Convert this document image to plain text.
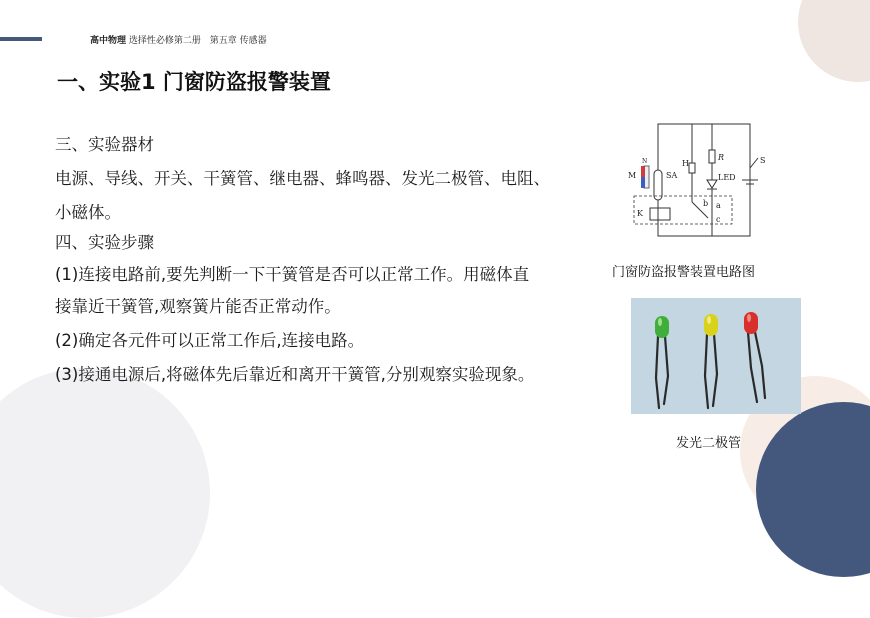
高中物理 选择性必修第二册 第五章 传感器
一、实验1 门窗防盗报警装置
三、实验器材
电源、导线、开关、干簧管、继电器、蜂鸣器、发光二极管、电阻、
小磁体。
四、实验步骤
(1)连接电路前,要先判断一下干簧管是否可以正常工作。用磁体直
接靠近干簧管,观察簧片能否正常动作。
(2)确定各元件可以正常工作后,连接电路。
(3)接通电源后,将磁体先后靠近和离开干簧管,分别观察实验现象。
M
N
SA
H
R
LED
S
K
a
b
c
门窗防盗报警装置电路图
发光二极管
